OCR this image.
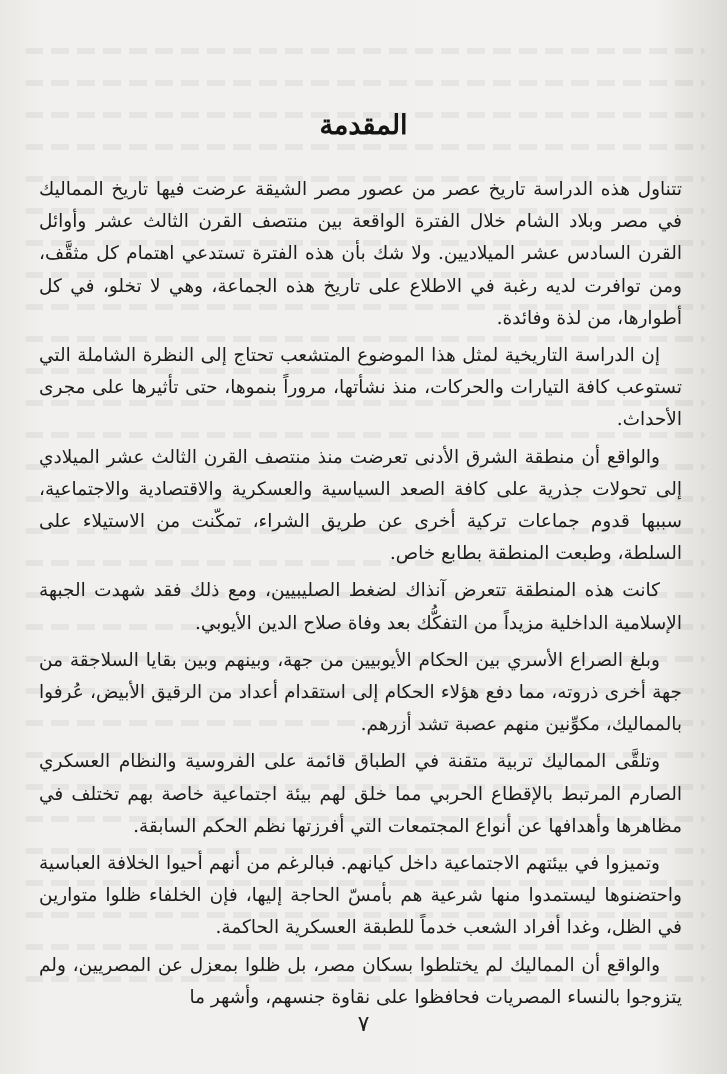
المقدمة

تتناول هذه الدراسة تاريخ عصر من عصور مصر الشيقة عرضت فيها تاريخ المماليك في مصر وبلاد الشام خلال الفترة الواقعة بين منتصف القرن الثالث عشر وأوائل القرن السادس عشر الميلاديين. ولا شك بأن هذه الفترة تستدعي اهتمام كل مثقَّف، ومن توافرت لديه رغبة في الاطلاع على تاريخ هذه الجماعة، وهي لا تخلو، في كل أطوارها، من لذة وفائدة.

إن الدراسة التاريخية لمثل هذا الموضوع المتشعب تحتاج إلى النظرة الشاملة التي تستوعب كافة التيارات والحركات، منذ نشأتها، مروراً بنموها، حتى تأثيرها على مجرى الأحداث.

والواقع أن منطقة الشرق الأدنى تعرضت منذ منتصف القرن الثالث عشر الميلادي إلى تحولات جذرية على كافة الصعد السياسية والعسكرية والاقتصادية والاجتماعية، سببها قدوم جماعات تركية أخرى عن طريق الشراء، تمكّنت من الاستيلاء على السلطة، وطبعت المنطقة بطابع خاص.

كانت هذه المنطقة تتعرض آنذاك لضغط الصليبيين، ومع ذلك فقد شهدت الجبهة الإسلامية الداخلية مزيداً من التفكُّك بعد وفاة صلاح الدين الأيوبي.

وبلغ الصراع الأسري بين الحكام الأيوبيين من جهة، وبينهم وبين بقايا السلاجقة من جهة أخرى ذروته، مما دفع هؤلاء الحكام إلى استقدام أعداد من الرقيق الأبيض، عُرفوا بالمماليك، مكوِّنين منهم عصبة تشد أزرهم.

وتلقَّى المماليك تربية متقنة في الطباق قائمة على الفروسية والنظام العسكري الصارم المرتبط بالإقطاع الحربي مما خلق لهم بيئة اجتماعية خاصة بهم تختلف في مظاهرها وأهدافها عن أنواع المجتمعات التي أفرزتها نظم الحكم السابقة.

وتميزوا في بيئتهم الاجتماعية داخل كيانهم. فبالرغم من أنهم أحيوا الخلافة العباسية واحتضنوها ليستمدوا منها شرعية هم بأمسّ الحاجة إليها، فإن الخلفاء ظلوا متوارين في الظل، وغدا أفراد الشعب خدماً للطبقة العسكرية الحاكمة.

والواقع أن المماليك لم يختلطوا بسكان مصر، بل ظلوا بمعزل عن المصريين، ولم يتزوجوا بالنساء المصريات فحافظوا على نقاوة جنسهم، وأشهر ما

٧
